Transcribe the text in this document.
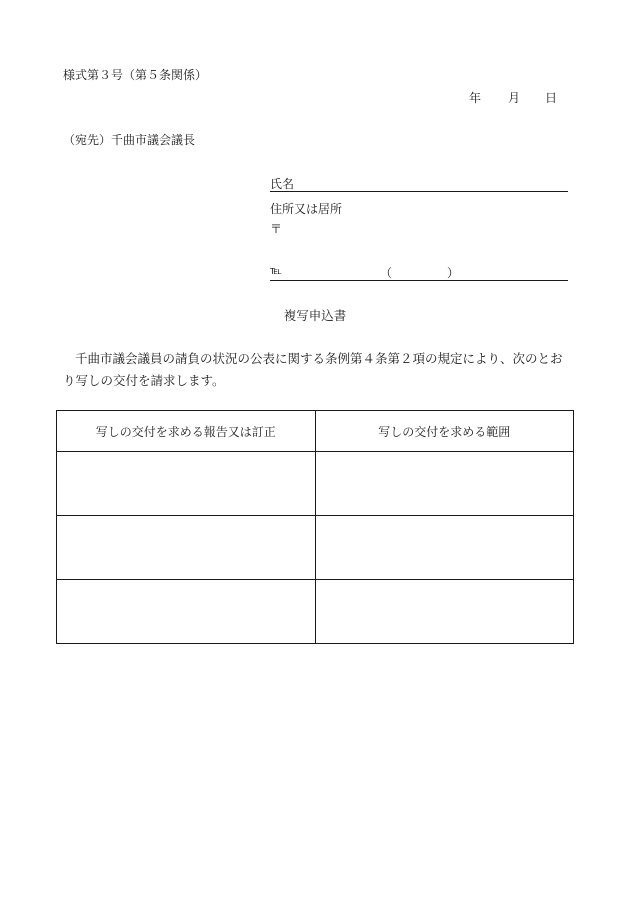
様式第３号（第５条関係）
年 月 日
（宛先）千曲市議会議長
氏名
住所又は居所
〒
℡	（	）
複写申込書
千曲市議会議員の請負の状況の公表に関する条例第４条第２項の規定により、次のとおり写しの交付を請求します。
写しの交付を求める報告又は訂正	写しの交付を求める範囲
